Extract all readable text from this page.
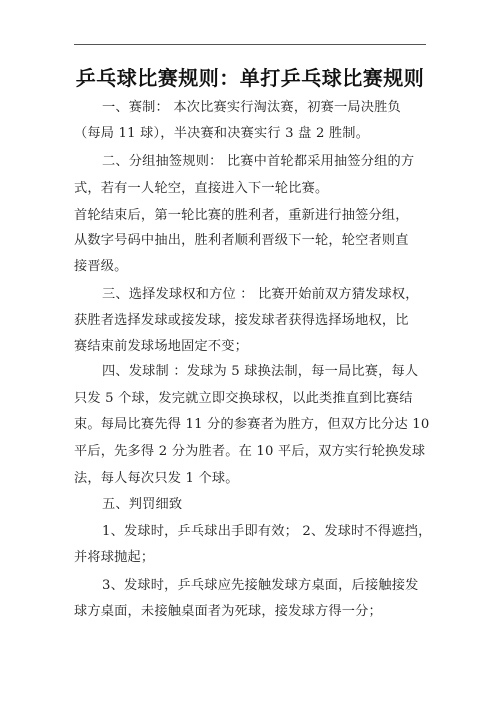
乒乓球比赛规则：单打乒乓球比赛规则
一、赛制： 本次比赛实行淘汰赛，初赛一局决胜负
（每局 11 球），半决赛和决赛实行 3 盘 2 胜制。
二、分组抽签规则： 比赛中首轮都采用抽签分组的方
式，若有一人轮空，直接进入下一轮比赛。
首轮结束后，第一轮比赛的胜利者，重新进行抽签分组，
从数字号码中抽出，胜利者顺利晋级下一轮，轮空者则直
接晋级。
三、选择发球权和方位 ： 比赛开始前双方猜发球权，
获胜者选择发球或接发球，接发球者获得选择场地权，比
赛结束前发球场地固定不变；
四、发球制 ：发球为 5 球换法制，每一局比赛，每人
只发 5 个球，发完就立即交换球权，以此类推直到比赛结
束。每局比赛先得 11 分的参赛者为胜方，但双方比分达 10
平后，先多得 2 分为胜者。在 10 平后，双方实行轮换发球
法，每人每次只发 1 个球。
五、判罚细致
1、发球时，乒乓球出手即有效； 2、发球时不得遮挡，
并将球抛起；
3、发球时，乒乓球应先接触发球方桌面，后接触接发
球方桌面，未接触桌面者为死球，接发球方得一分；
